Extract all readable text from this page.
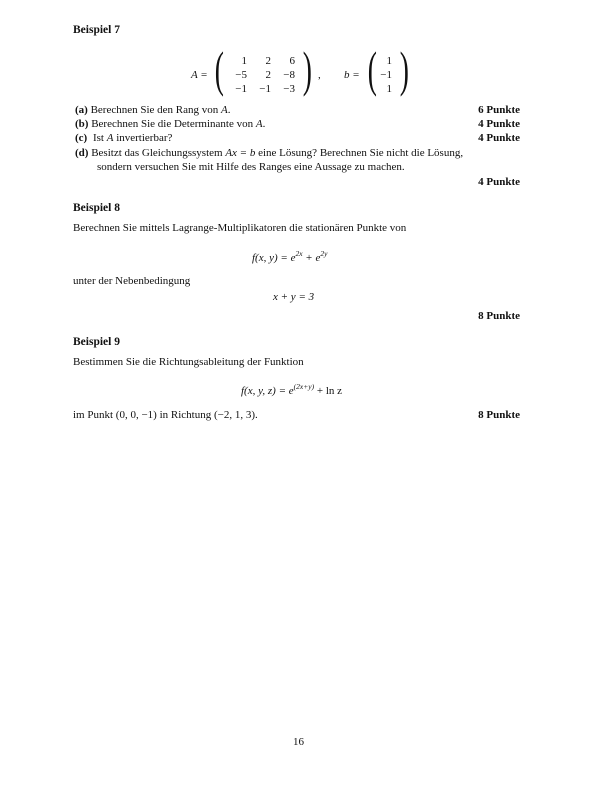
Beispiel 7
A = ( )
1	2	6
−5	2	−8
−1	−1	−3
, b = ( )
1
−1
1
(a) Berechnen Sie den Rang von A.	6 Punkte
(b) Berechnen Sie die Determinante von A.	4 Punkte
(c) Ist A invertierbar?	4 Punkte
(d) Besitzt das Gleichungssystem Ax = b eine Lösung? Berechnen Sie nicht die Lösung,
sondern versuchen Sie mit Hilfe des Ranges eine Aussage zu machen.
4 Punkte
Beispiel 8
Berechnen Sie mittels Lagrange-Multiplikatoren die stationären Punkte von
f(x, $y) = e^{2x} + e^{2y}$
unter der Nebenbedingung
x + y = 3
8 Punkte
Beispiel 9
Bestimmen Sie die Richtungsableitung der Funktion
f(x, y, $z) = e^{(2x+y)} + \ln z$
im Punkt (0, 0, −1) in Richtung (−2, 1, 3).	8 Punkte
16
